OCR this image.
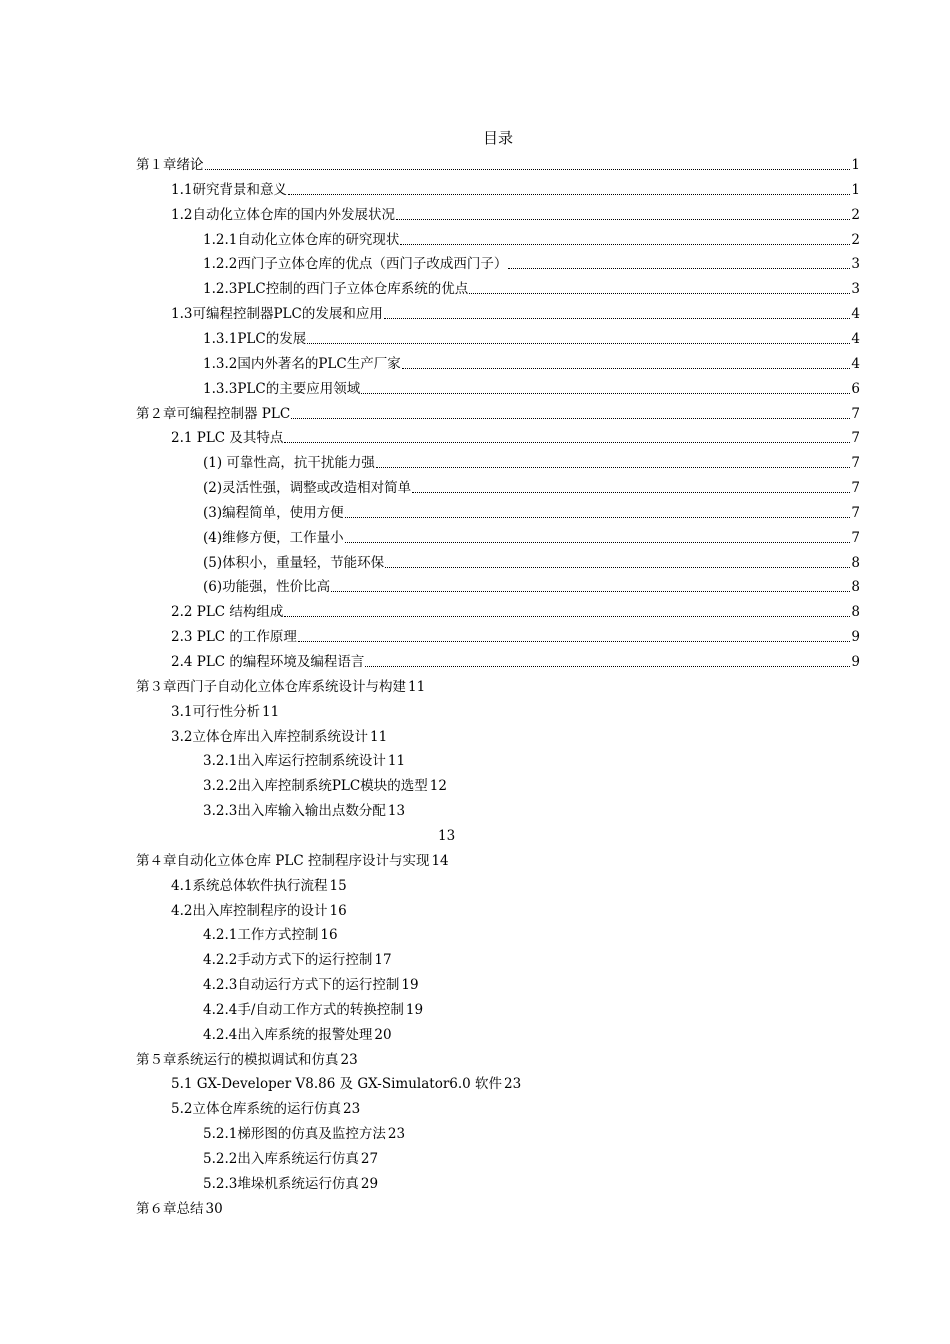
目录
第１章绪论	1
1.1研究背景和意义	1
1.2自动化立体仓库的国内外发展状况	2
1.2.1自动化立体仓库的研究现状	2
1.2.2西门子立体仓库的优点（西门子改成西门子）	3
1.2.3PLC控制的西门子立体仓库系统的优点	3
1.3可编程控制器PLC的发展和应用	4
1.3.1PLC的发展	4
1.3.2国内外著名的PLC生产厂家	4
1.3.3PLC的主要应用领域	6
第２章可编程控制器 PLC	7
2.1 PLC 及其特点	7
(1) 可靠性高，抗干扰能力强	7
(2)灵活性强，调整或改造相对简单	7
(3)编程简单，使用方便	7
(4)维修方便，工作量小	7
(5)体积小，重量轻，节能环保	8
(6)功能强，性价比高	8
2.2 PLC 结构组成	8
2.3 PLC 的工作原理	9
2.4 PLC 的编程环境及编程语言	9
第３章西门子自动化立体仓库系统设计与构建 11
3.1可行性分析 11
3.2立体仓库出入库控制系统设计 11
3.2.1出入库运行控制系统设计 11
3.2.2出入库控制系统PLC模块的选型 12
3.2.3出入库输入输出点数分配 13
13
第４章自动化立体仓库 PLC 控制程序设计与实现 14
4.1系统总体软件执行流程 15
4.2出入库控制程序的设计 16
4.2.1工作方式控制 16
4.2.2手动方式下的运行控制 17
4.2.3自动运行方式下的运行控制 19
4.2.4手/自动工作方式的转换控制 19
4.2.4出入库系统的报警处理 20
第５章系统运行的模拟调试和仿真 23
5.1 GX-Developer V8.86 及 GX-Simulator6.0 软件 23
5.2立体仓库系统的运行仿真 23
5.2.1梯形图的仿真及监控方法 23
5.2.2出入库系统运行仿真 27
5.2.3堆垛机系统运行仿真 29
第６章总结 30
